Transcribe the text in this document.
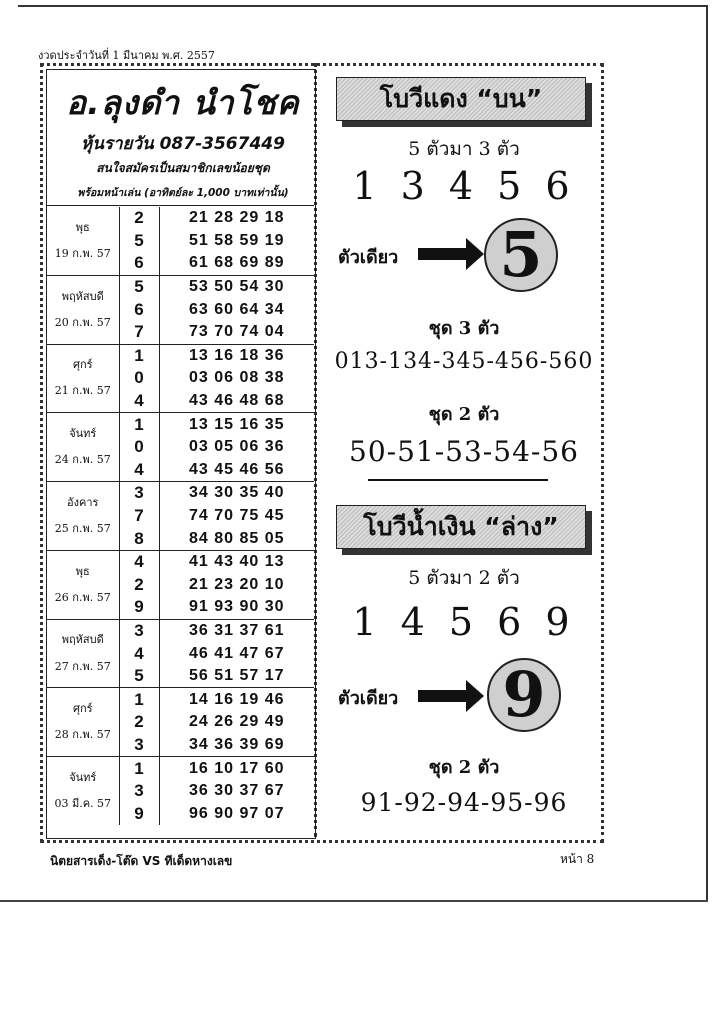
งวดประจำวันที่ 1 มีนาคม พ.ศ. 2557
อ.ลุงดำ นำโชค
หุ้นรายวัน 087-3567449
สนใจสมัครเป็นสมาชิกเลขน้อยชุด
พร้อมหน้าเล่น (อาทิตย์ละ 1,000 บาทเท่านั้น)
พุธ
19 ก.พ. 57	2	21 28 29 18
	5	51 58 59 19
	6	61 68 69 89

พฤหัสบดี
20 ก.พ. 57	5	53 50 54 30
	6	63 60 64 34
	7	73 70 74 04

ศุกร์
21 ก.พ. 57	1	13 16 18 36
	0	03 06 08 38
	4	43 46 48 68

จันทร์
24 ก.พ. 57	1	13 15 16 35
	0	03 05 06 36
	4	43 45 46 56

อังคาร
25 ก.พ. 57	3	34 30 35 40
	7	74 70 75 45
	8	84 80 85 05

พุธ
26 ก.พ. 57	4	41 43 40 13
	2	21 23 20 10
	9	91 93 90 30

พฤหัสบดี
27 ก.พ. 57	3	36 31 37 61
	4	46 41 47 67
	5	56 51 57 17

ศุกร์
28 ก.พ. 57	1	14 16 19 46
	2	24 26 29 49
	3	34 36 39 69

จันทร์
03 มี.ค. 57	1	16 10 17 60
	3	36 30 37 67
	9	96 90 97 07
โบวีแดง “บน”
5 ตัวมา 3 ตัว
1 3 4 5 6
ตัวเดียว 5
ชุด 3 ตัว
013-134-345-456-560
ชุด 2 ตัว
50-51-53-54-56
โบวีน้ำเงิน “ล่าง”
5 ตัวมา 2 ตัว
1 4 5 6 9
ตัวเดียว 9
ชุด 2 ตัว
91-92-94-95-96
นิตยสารเด็ง-โต๊ด VS ทีเด็ดหางเลข	หน้า 8
